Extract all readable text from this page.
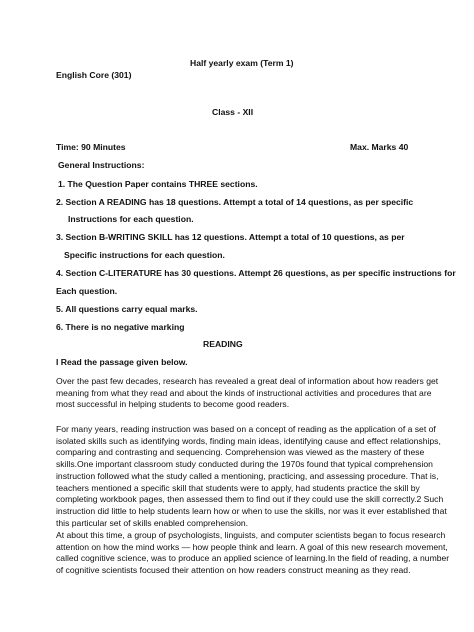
Half yearly exam (Term 1)
English Core (301)
Class - XII
Time: 90 Minutes	Max. Marks 40
General Instructions:
1. The Question Paper contains THREE sections.
2. Section A READING has 18 questions. Attempt a total of 14 questions, as per specific
Instructions for each question.
3. Section B-WRITING SKILL has 12 questions. Attempt a total of 10 questions, as per
Specific instructions for each question.
4. Section C-LITERATURE has 30 questions. Attempt 26 questions, as per specific instructions for
Each question.
5. All questions carry equal marks.
6. There is no negative marking
READING
I Read the passage given below.
Over the past few decades, research has revealed a great deal of information about how readers get
meaning from what they read and about the kinds of instructional activities and procedures that are
most successful in helping students to become good readers.
For many years, reading instruction was based on a concept of reading as the application of a set of
isolated skills such as identifying words, finding main ideas, identifying cause and effect relationships,
comparing and contrasting and sequencing. Comprehension was viewed as the mastery of these
skills.One important classroom study conducted during the 1970s found that typical comprehension
instruction followed what the study called a mentioning, practicing, and assessing procedure. That is,
teachers mentioned a specific skill that students were to apply, had students practice the skill by
completing workbook pages, then assessed them to find out if they could use the skill correctly.2 Such
instruction did little to help students learn how or when to use the skills, nor was it ever established that
this particular set of skills enabled comprehension.
At about this time, a group of psychologists, linguists, and computer scientists began to focus research
attention on how the mind works — how people think and learn. A goal of this new research movement,
called cognitive science, was to produce an applied science of learning.In the field of reading, a number
of cognitive scientists focused their attention on how readers construct meaning as they read.
